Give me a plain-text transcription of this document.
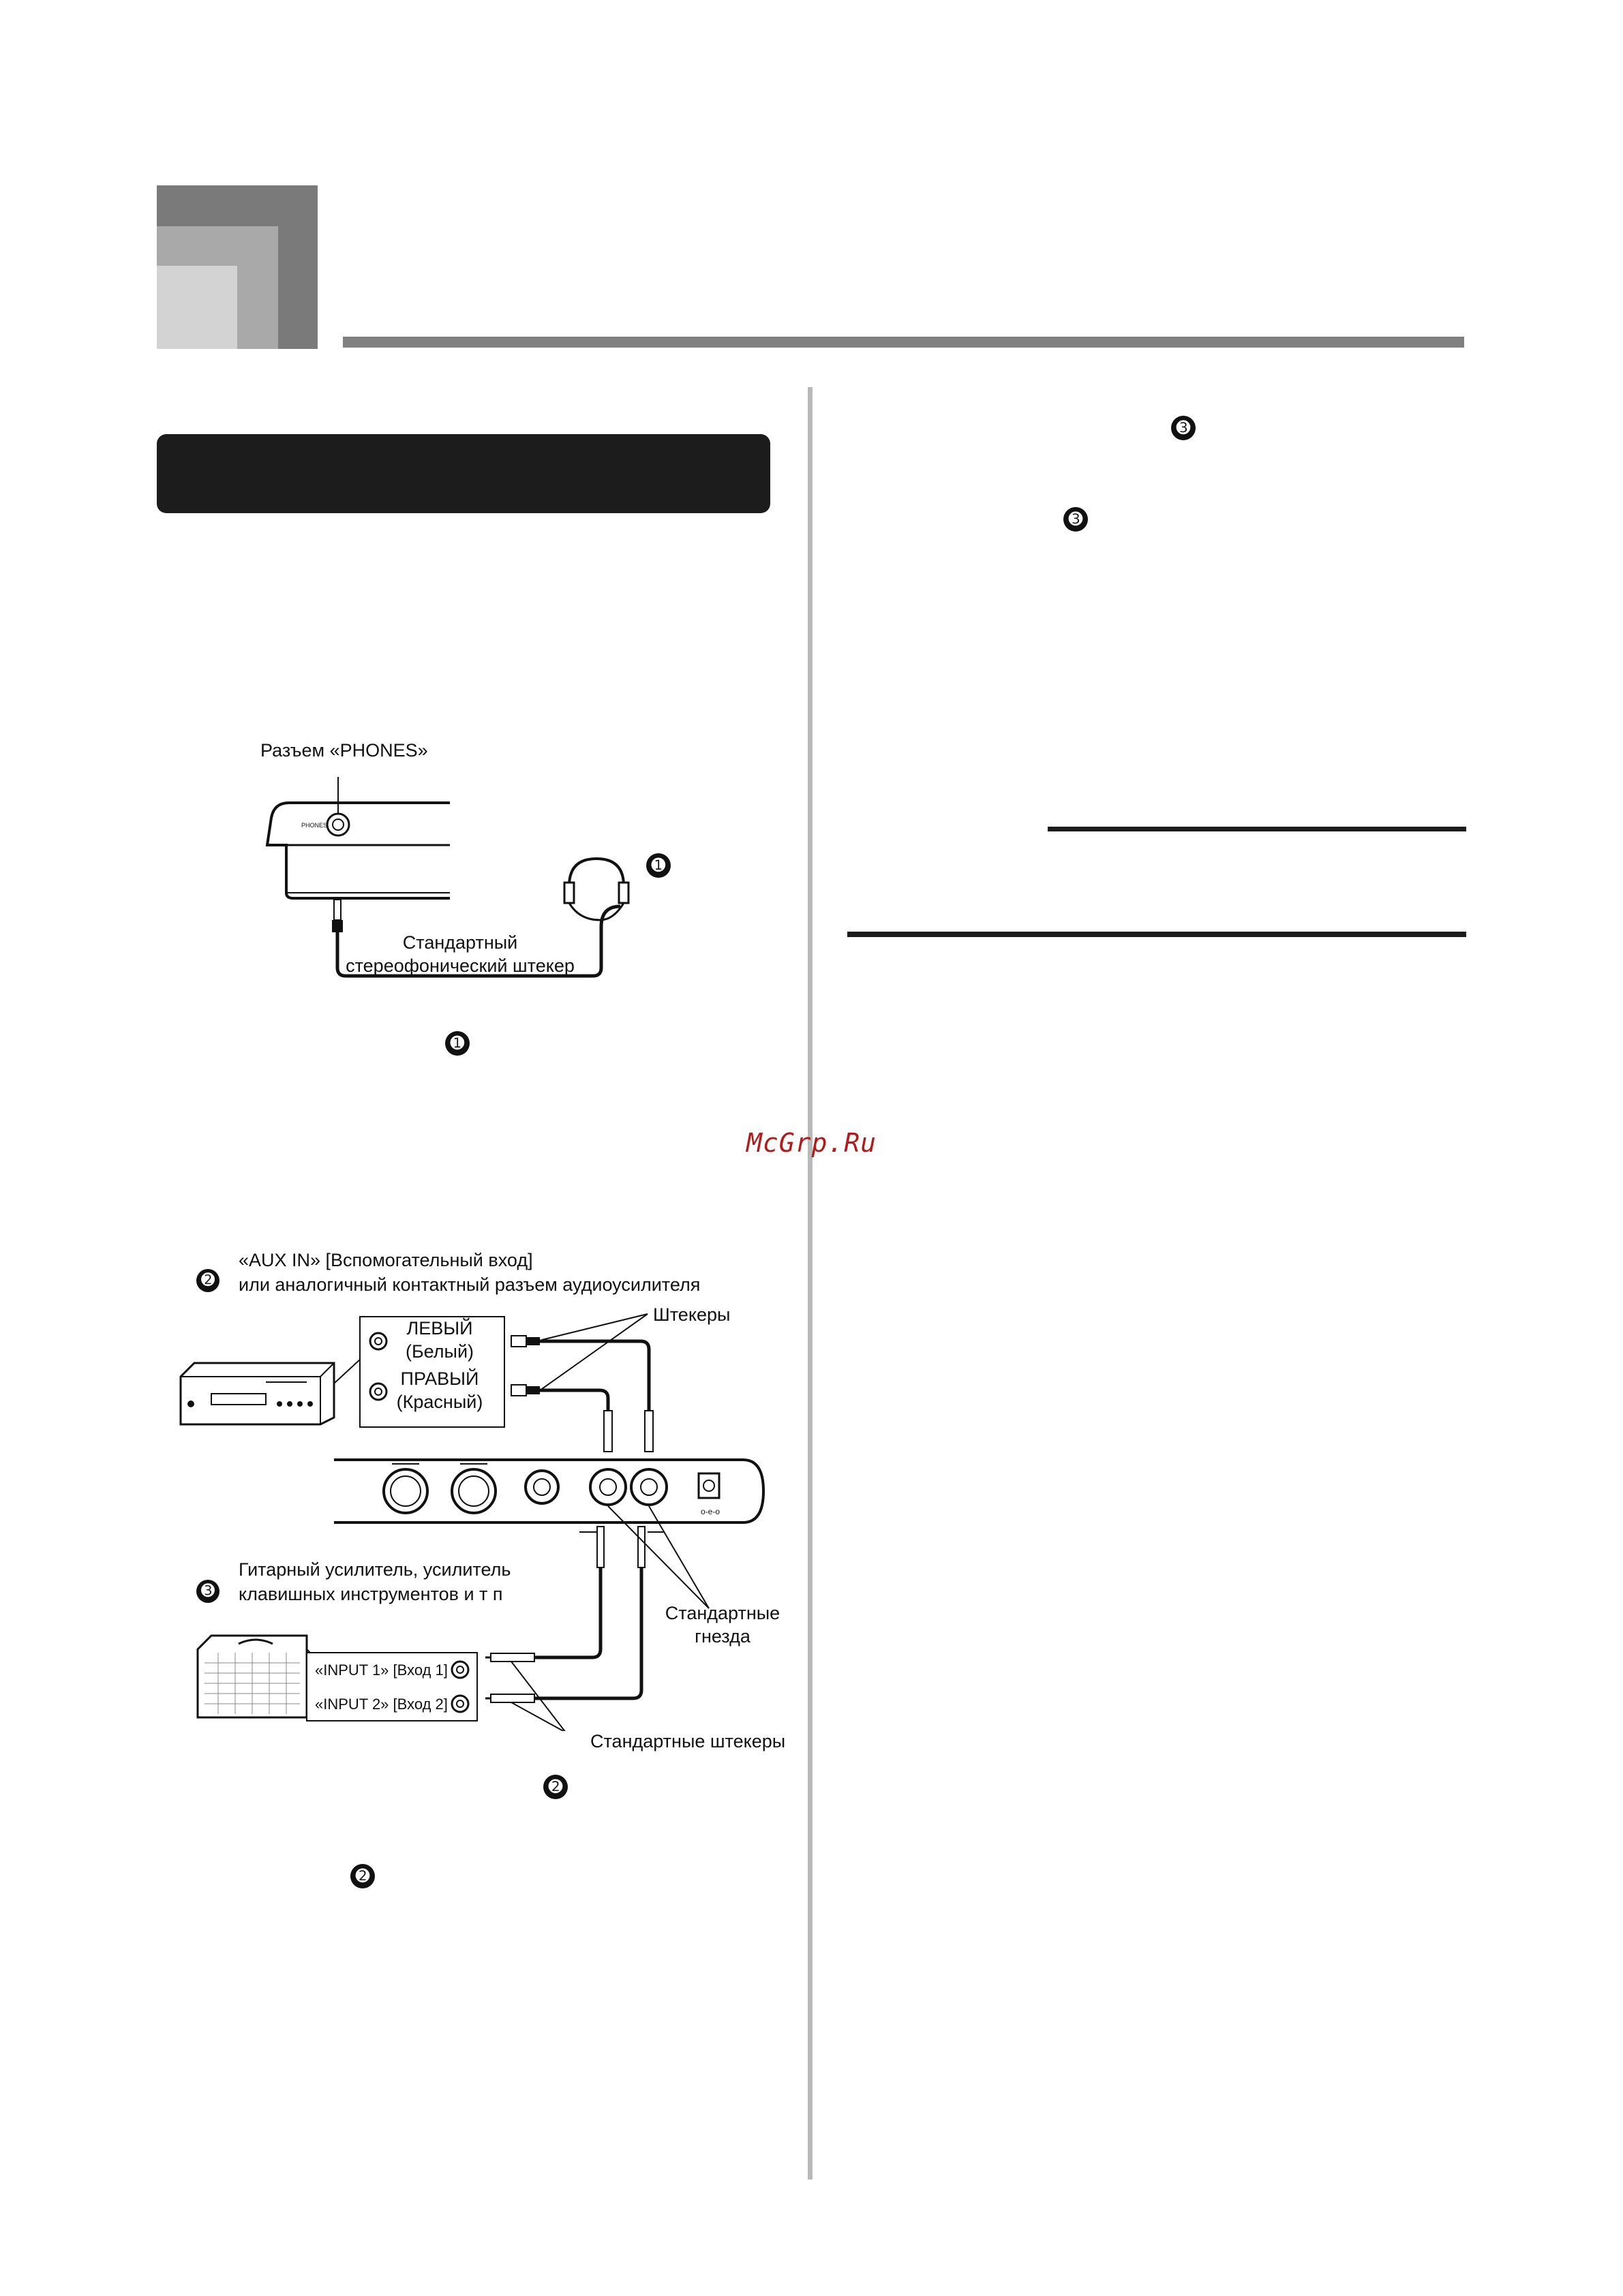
➌
➌
McGrp.Ru
Разъем «PHONES»
PHONES
➊
Стандартный
стереофонический штекер
➊
➋
«AUX IN» [Вспомогательный вход]
или аналогичный контактный разъем аудиоусилителя
Штекеры
o-e-o
ЛЕВЫЙ
(Белый)
ПРАВЫЙ
(Красный)
➌
Гитарный усилитель, усилитель
клавишных инструментов и т п
Стандартные
гнезда
«INPUT 1» [Вход 1]
«INPUT 2» [Вход 2]
Стандартные штекеры
➋
➋
